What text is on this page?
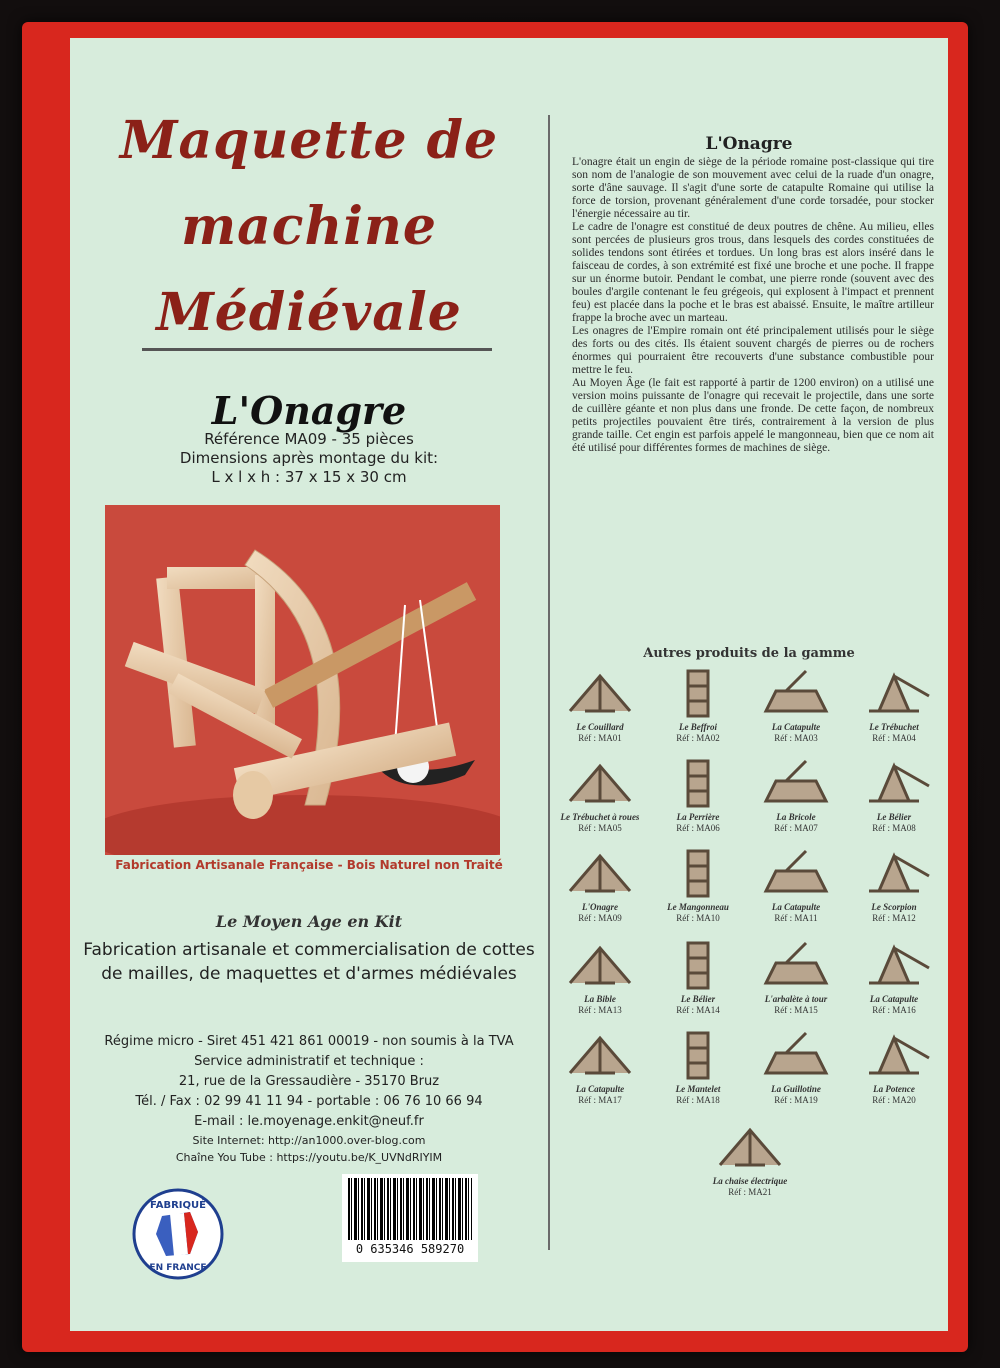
Maquette de
machine
Médiévale
L'Onagre
Référence MA09 - 35 pièces
Dimensions après montage du kit:
L x l x h : 37 x 15 x 30 cm
Fabrication Artisanale Française - Bois Naturel non Traité
Le Moyen Age en Kit
Fabrication artisanale et commercialisation de cottes de mailles, de maquettes et d'armes médiévales
Régime micro - Siret 451 421 861 00019 - non soumis à la TVA
Service administratif et technique :
21, rue de la Gressaudière - 35170 Bruz
Tél. / Fax : 02 99 41 11 94 - portable : 06 76 10 66 94
E-mail : le.moyenage.enkit@neuf.fr
Site Internet: http://an1000.over-blog.com
Chaîne You Tube : https://youtu.be/K_UVNdRIYIM
FABRIQUÉ
EN FRANCE
0 635346 589270
L'Onagre

L'onagre était un engin de siège de la période romaine post-classique qui tire son nom de l'analogie de son mouvement avec celui de la ruade d'un onagre, sorte d'âne sauvage. Il s'agit d'une sorte de catapulte Romaine qui utilise la force de torsion, provenant généralement d'une corde torsadée, pour stocker l'énergie nécessaire au tir.

Le cadre de l'onagre est constitué de deux poutres de chêne. Au milieu, elles sont percées de plusieurs gros trous, dans lesquels des cordes constituées de solides tendons sont étirées et tordues. Un long bras est alors inséré dans le faisceau de cordes, à son extrémité est fixé une broche et une poche. Il frappe sur un énorme butoir. Pendant le combat, une pierre ronde (souvent avec des boules d'argile contenant le feu grégeois, qui explosent à l'impact et prennent feu) est placée dans la poche et le bras est abaissé. Ensuite, le maître artilleur frappe la broche avec un marteau.

Les onagres de l'Empire romain ont été principalement utilisés pour le siège des forts ou des cités. Ils étaient souvent chargés de pierres ou de rochers énormes qui pourraient être recouverts d'une substance combustible pour mettre le feu.

Au Moyen Âge (le fait est rapporté à partir de 1200 environ) on a utilisé une version moins puissante de l'onagre qui recevait le projectile, dans une sorte de cuillère géante et non plus dans une fronde. De cette façon, de nombreux petits projectiles pouvaient être tirés, contrairement à la version de plus grande taille. Cet engin est parfois appelé le mangonneau, bien que ce nom ait été utilisé pour différentes formes de machines de siège.

Autres produits de la gamme
Le Couillard
Réf : MA01
Le Beffroi
Réf : MA02
La Catapulte
Réf : MA03
Le Trébuchet
Réf : MA04
Le Trébuchet à roues
Réf : MA05
La Perrière
Réf : MA06
La Bricole
Réf : MA07
Le Bélier
Réf : MA08
L'Onagre
Réf : MA09
Le Mangonneau
Réf : MA10
La Catapulte
Réf : MA11
Le Scorpion
Réf : MA12
La Bible
Réf : MA13
Le Bélier
Réf : MA14
L'arbalète à tour
Réf : MA15
La Catapulte
Réf : MA16
La Catapulte
Réf : MA17
Le Mantelet
Réf : MA18
La Guillotine
Réf : MA19
La Potence
Réf : MA20
La chaise électrique
Réf : MA21
